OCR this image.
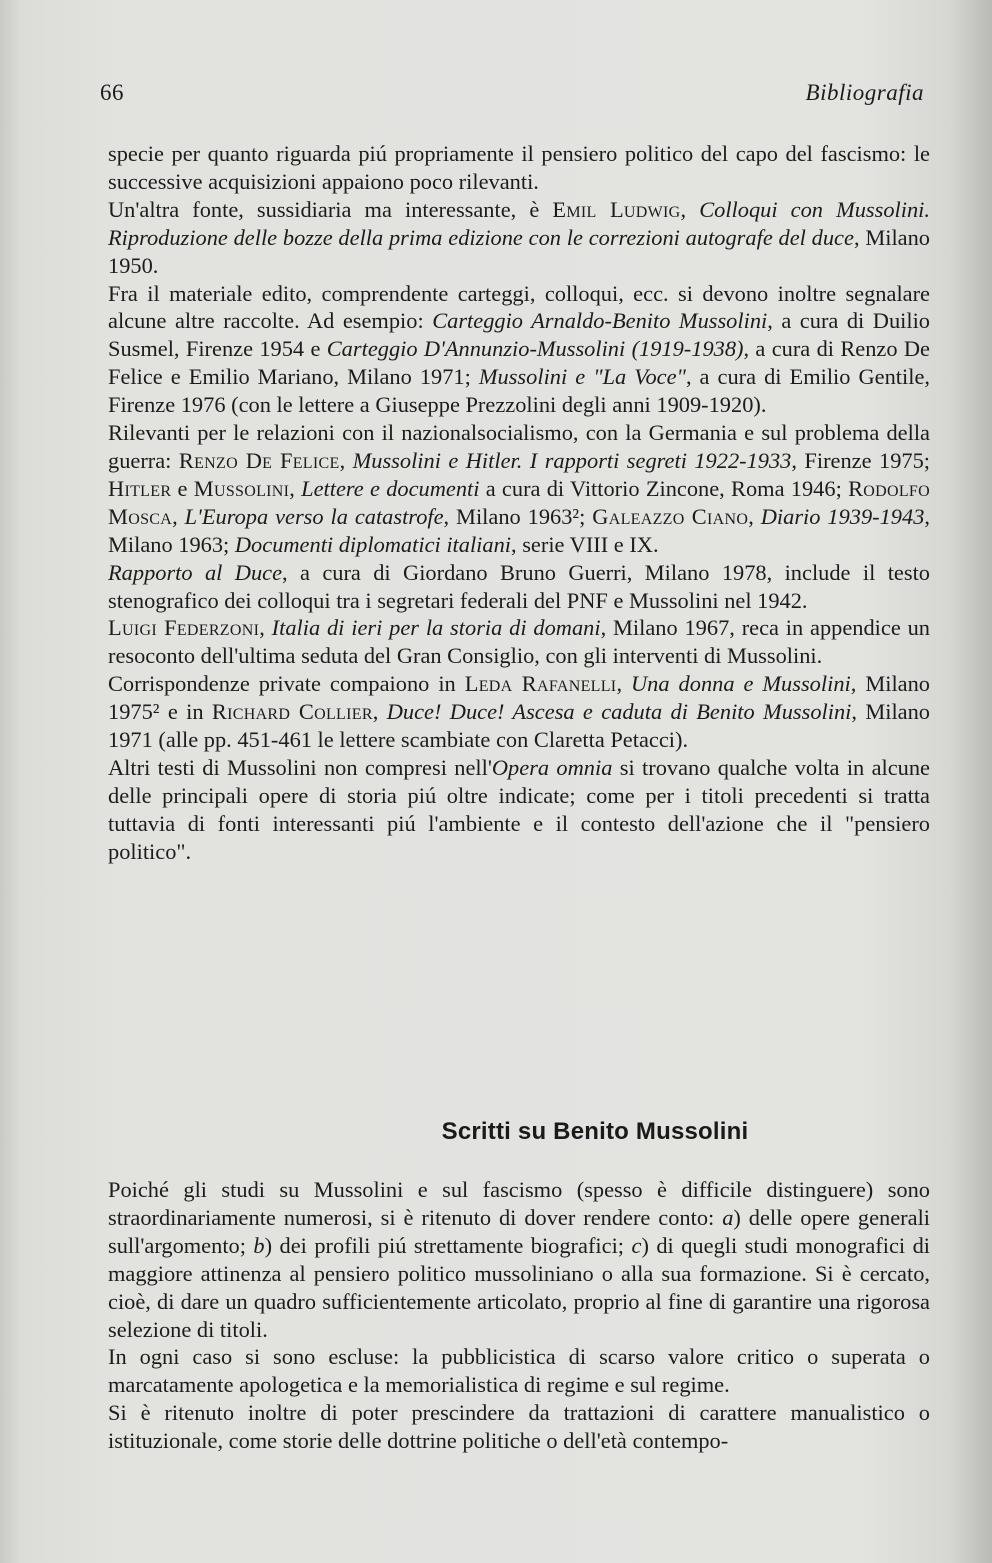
66	Bibliografia

specie per quanto riguarda piú propriamente il pensiero politico del capo del fascismo: le successive acquisizioni appaiono poco rilevanti.

Un'altra fonte, sussidiaria ma interessante, è Emil Ludwig, Colloqui con Mussolini. Riproduzione delle bozze della prima edizione con le correzioni autografe del duce, Milano 1950.

Fra il materiale edito, comprendente carteggi, colloqui, ecc. si devono inoltre segnalare alcune altre raccolte. Ad esempio: Carteggio Arnaldo-Benito Mussolini, a cura di Duilio Susmel, Firenze 1954 e Carteggio D'Annunzio-Mussolini (1919-1938), a cura di Renzo De Felice e Emilio Mariano, Milano 1971; Mussolini e "La Voce", a cura di Emilio Gentile, Firenze 1976 (con le lettere a Giuseppe Prezzolini degli anni 1909-1920).

Rilevanti per le relazioni con il nazionalsocialismo, con la Germania e sul problema della guerra: Renzo De Felice, Mussolini e Hitler. I rapporti segreti 1922-1933, Firenze 1975; Hitler e Mussolini, Lettere e documenti a cura di Vittorio Zincone, Roma 1946; Rodolfo Mosca, L'Europa verso la catastrofe, Milano 1963²; Galeazzo Ciano, Diario 1939-1943, Milano 1963; Documenti diplomatici italiani, serie VIII e IX.

Rapporto al Duce, a cura di Giordano Bruno Guerri, Milano 1978, include il testo stenografico dei colloqui tra i segretari federali del PNF e Mussolini nel 1942.

Luigi Federzoni, Italia di ieri per la storia di domani, Milano 1967, reca in appendice un resoconto dell'ultima seduta del Gran Consiglio, con gli interventi di Mussolini.

Corrispondenze private compaiono in Leda Rafanelli, Una donna e Mussolini, Milano 1975² e in Richard Collier, Duce! Duce! Ascesa e caduta di Benito Mussolini, Milano 1971 (alle pp. 451-461 le lettere scambiate con Claretta Petacci).

Altri testi di Mussolini non compresi nell'Opera omnia si trovano qualche volta in alcune delle principali opere di storia piú oltre indicate; come per i titoli precedenti si tratta tuttavia di fonti interessanti piú l'ambiente e il contesto dell'azione che il "pensiero politico".

Scritti su Benito Mussolini

Poiché gli studi su Mussolini e sul fascismo (spesso è difficile distinguere) sono straordinariamente numerosi, si è ritenuto di dover rendere conto: a) delle opere generali sull'argomento; b) dei profili piú strettamente biografici; c) di quegli studi monografici di maggiore attinenza al pensiero politico mussoliniano o alla sua formazione. Si è cercato, cioè, di dare un quadro sufficientemente articolato, proprio al fine di garantire una rigorosa selezione di titoli.

In ogni caso si sono escluse: la pubblicistica di scarso valore critico o superata o marcatamente apologetica e la memorialistica di regime e sul regime.

Si è ritenuto inoltre di poter prescindere da trattazioni di carattere manualistico o istituzionale, come storie delle dottrine politiche o dell'età contempo-
